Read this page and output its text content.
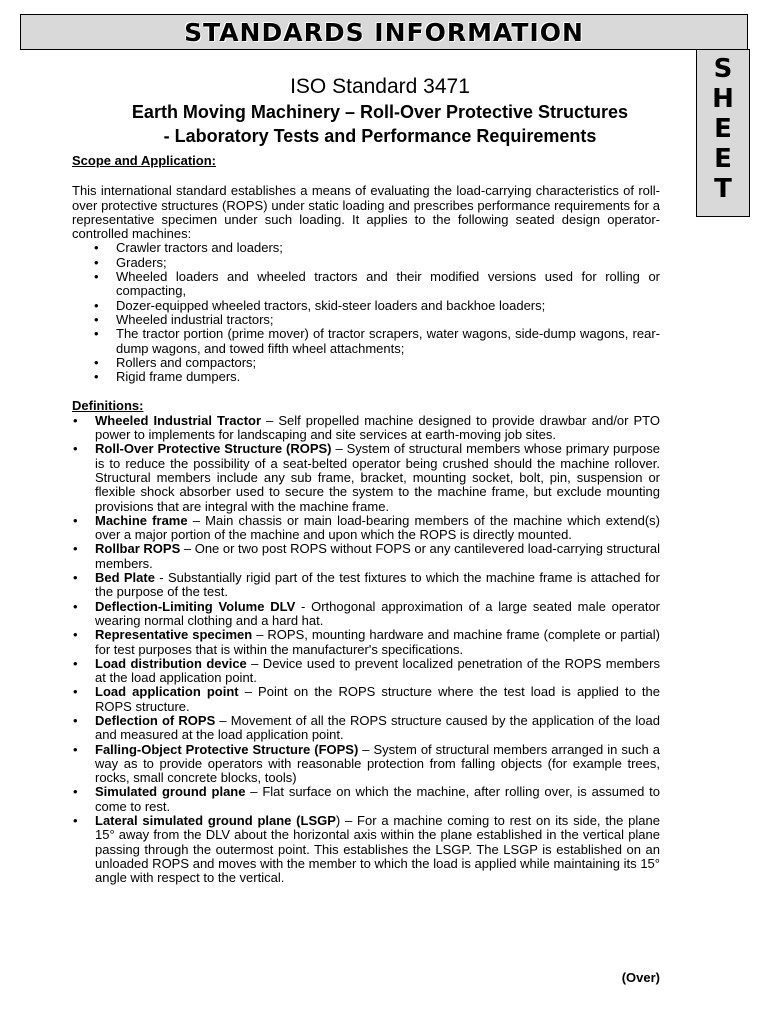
STANDARDS INFORMATION
S
H
E
E
T
ISO Standard 3471
Earth Moving Machinery – Roll-Over Protective Structures
- Laboratory Tests and Performance Requirements
Scope and Application:

This international standard establishes a means of evaluating the load-carrying characteristics of roll-over protective structures (ROPS) under static loading and prescribes performance requirements for a representative specimen under such loading. It applies to the following seated design operator-controlled machines:

• Crawler tractors and loaders;
• Graders;
• Wheeled loaders and wheeled tractors and their modified versions used for rolling or compacting,
• Dozer-equipped wheeled tractors, skid-steer loaders and backhoe loaders;
• Wheeled industrial tractors;
• The tractor portion (prime mover) of tractor scrapers, water wagons, side-dump wagons, rear-dump wagons, and towed fifth wheel attachments;
• Rollers and compactors;
• Rigid frame dumpers.
Definitions:
• Wheeled Industrial Tractor – Self propelled machine designed to provide drawbar and/or PTO power to implements for landscaping and site services at earth-moving job sites.
• Roll-Over Protective Structure (ROPS) – System of structural members whose primary purpose is to reduce the possibility of a seat-belted operator being crushed should the machine rollover. Structural members include any sub frame, bracket, mounting socket, bolt, pin, suspension or flexible shock absorber used to secure the system to the machine frame, but exclude mounting provisions that are integral with the machine frame.
• Machine frame – Main chassis or main load-bearing members of the machine which extend(s) over a major portion of the machine and upon which the ROPS is directly mounted.
• Rollbar ROPS – One or two post ROPS without FOPS or any cantilevered load-carrying structural members.
• Bed Plate - Substantially rigid part of the test fixtures to which the machine frame is attached for the purpose of the test.
• Deflection-Limiting Volume DLV - Orthogonal approximation of a large seated male operator wearing normal clothing and a hard hat.
• Representative specimen – ROPS, mounting hardware and machine frame (complete or partial) for test purposes that is within the manufacturer's specifications.
• Load distribution device – Device used to prevent localized penetration of the ROPS members at the load application point.
• Load application point – Point on the ROPS structure where the test load is applied to the ROPS structure.
• Deflection of ROPS – Movement of all the ROPS structure caused by the application of the load and measured at the load application point.
• Falling-Object Protective Structure (FOPS) – System of structural members arranged in such a way as to provide operators with reasonable protection from falling objects (for example trees, rocks, small concrete blocks, tools)
• Simulated ground plane – Flat surface on which the machine, after rolling over, is assumed to come to rest.
• Lateral simulated ground plane (LSGP) – For a machine coming to rest on its side, the plane 15° away from the DLV about the horizontal axis within the plane established in the vertical plane passing through the outermost point. This establishes the LSGP. The LSGP is established on an unloaded ROPS and moves with the member to which the load is applied while maintaining its 15° angle with respect to the vertical.
(Over)
